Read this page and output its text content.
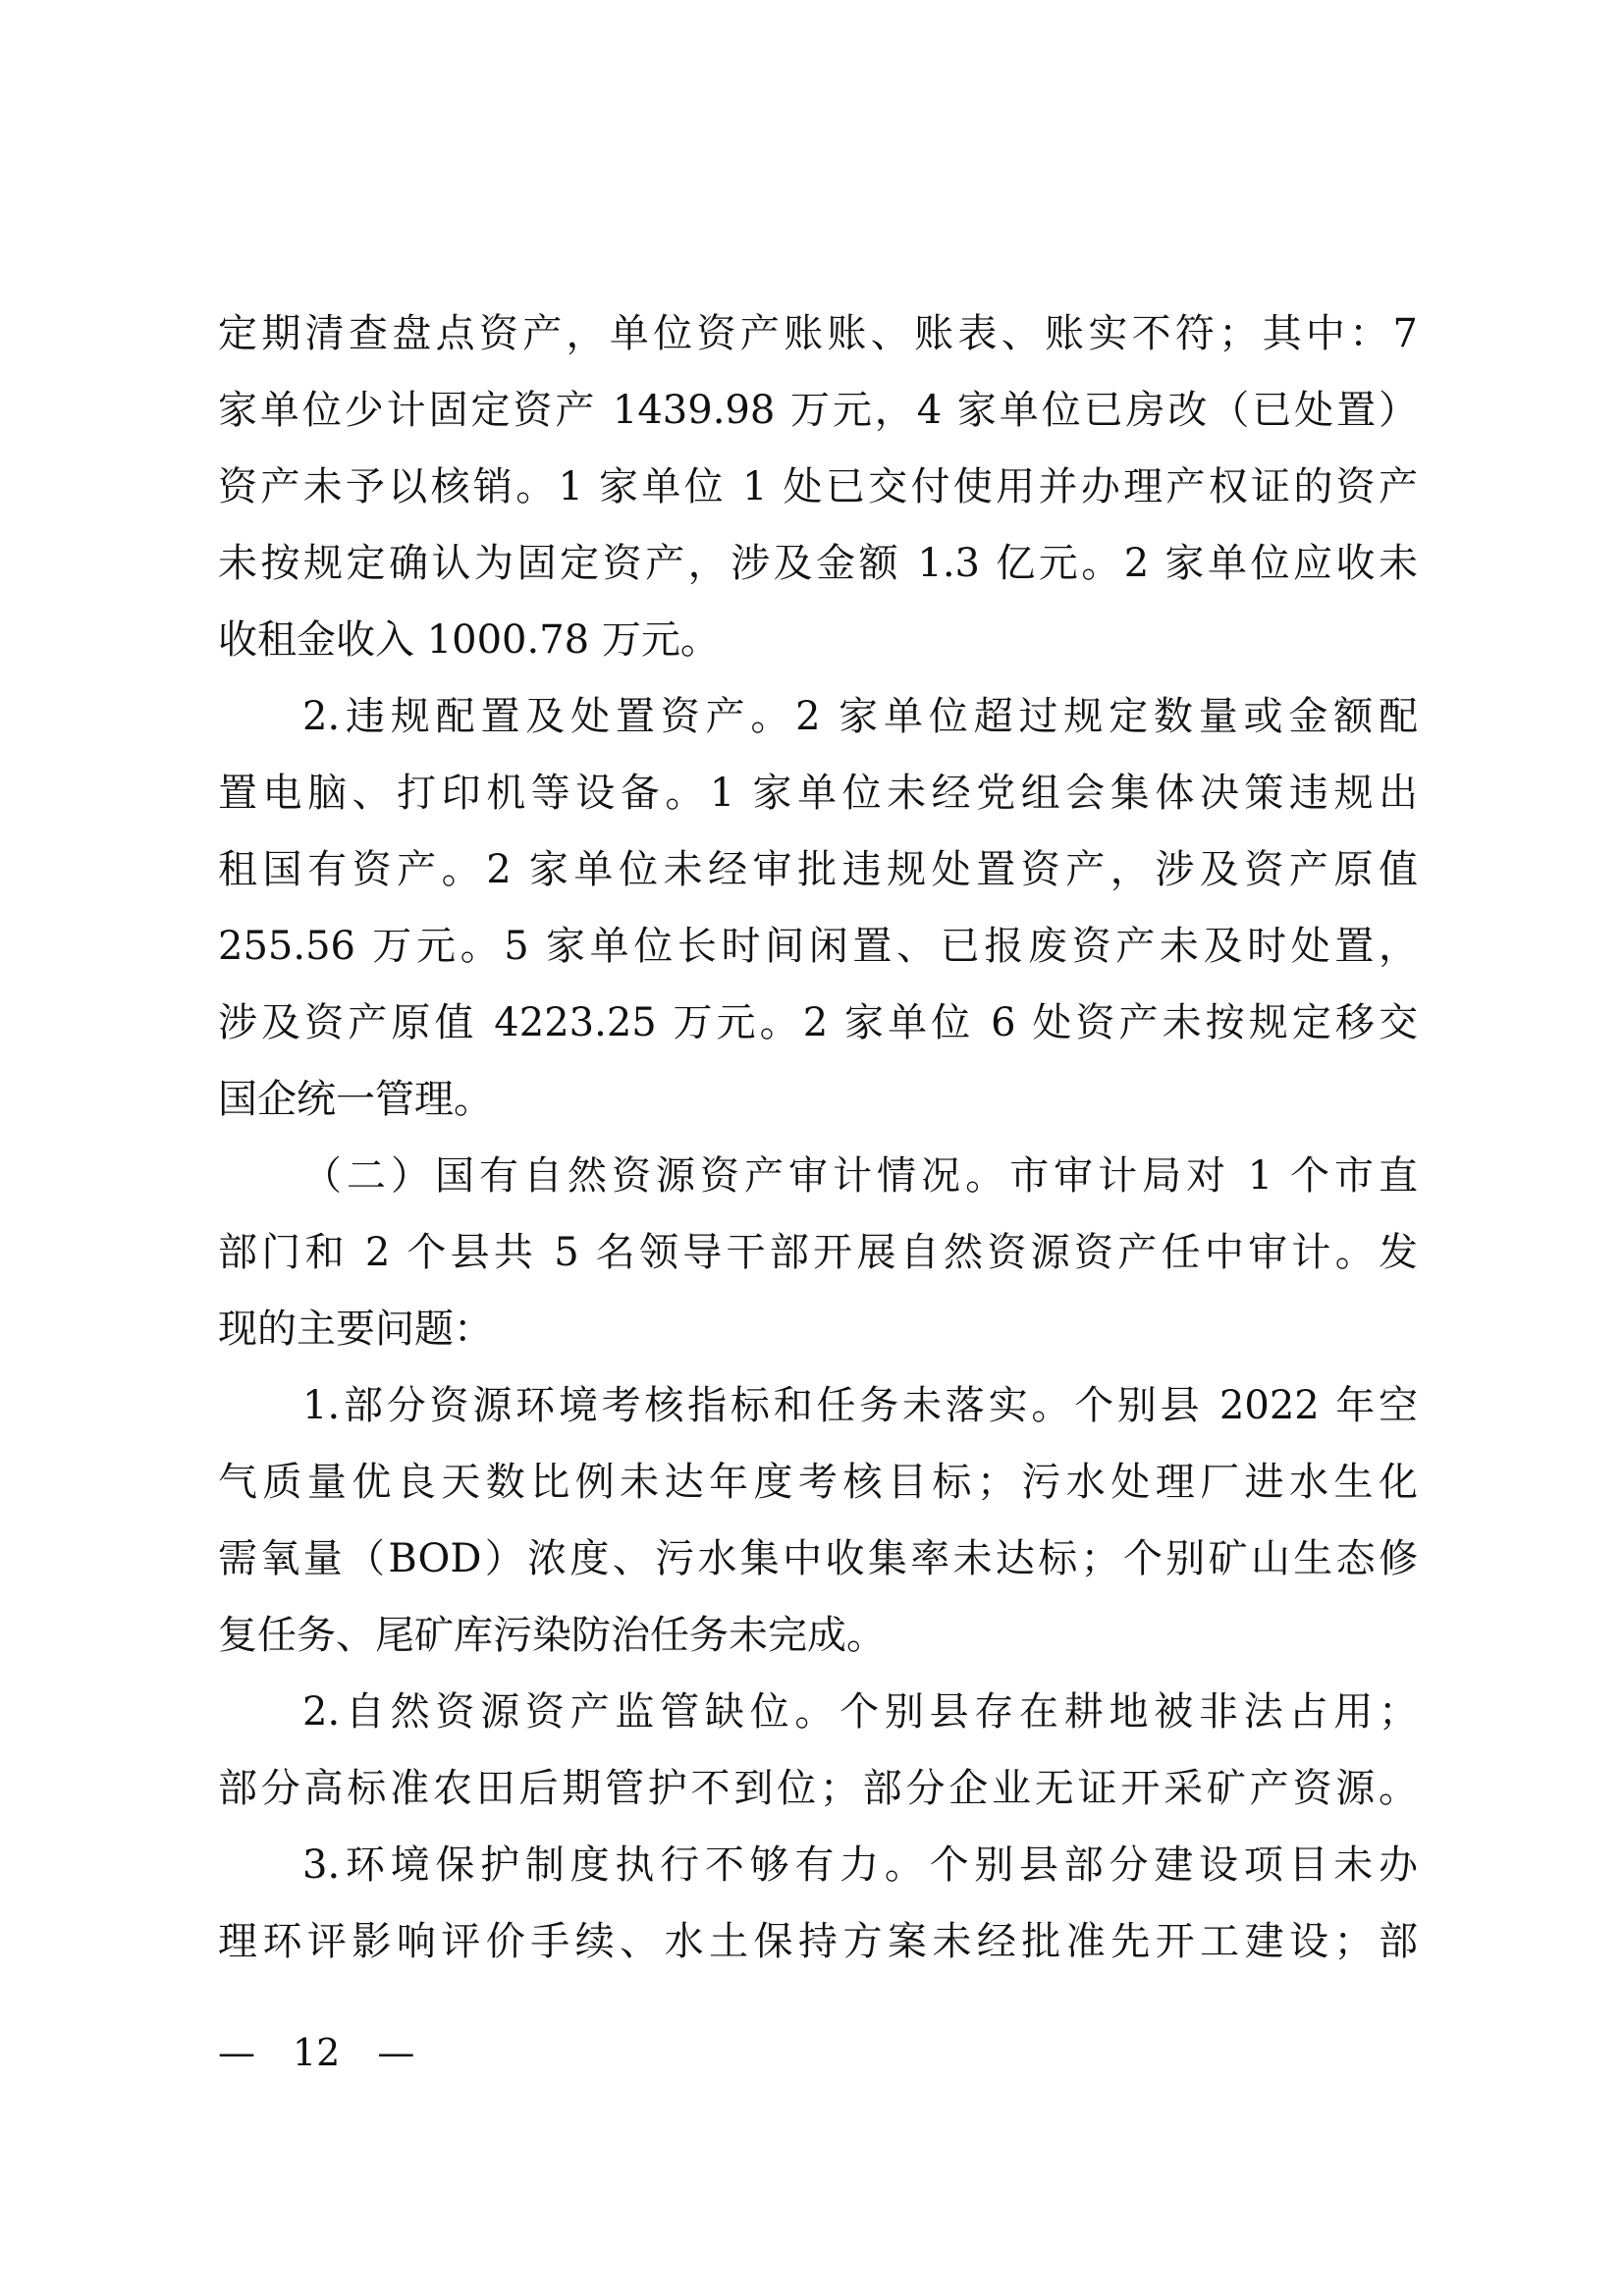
定期清查盘点资产，单位资产账账、账表、账实不符；其中：7
家单位少计固定资产 1439.98 万元，4 家单位已房改（已处置）
资产未予以核销。1 家单位 1 处已交付使用并办理产权证的资产
未按规定确认为固定资产，涉及金额 1.3 亿元。2 家单位应收未
收租金收入 1000.78 万元。
2.违规配置及处置资产。2 家单位超过规定数量或金额配
置电脑、打印机等设备。1 家单位未经党组会集体决策违规出
租国有资产。2 家单位未经审批违规处置资产，涉及资产原值
255.56 万元。5 家单位长时间闲置、已报废资产未及时处置，
涉及资产原值 4223.25 万元。2 家单位 6 处资产未按规定移交
国企统一管理。
（二）国有自然资源资产审计情况。市审计局对 1 个市直
部门和 2 个县共 5 名领导干部开展自然资源资产任中审计。发
现的主要问题：
1.部分资源环境考核指标和任务未落实。个别县 2022 年空
气质量优良天数比例未达年度考核目标；污水处理厂进水生化
需氧量（BOD）浓度、污水集中收集率未达标；个别矿山生态修
复任务、尾矿库污染防治任务未完成。
2.自然资源资产监管缺位。个别县存在耕地被非法占用；
部分高标准农田后期管护不到位；部分企业无证开采矿产资源。
3.环境保护制度执行不够有力。个别县部分建设项目未办
理环评影响评价手续、水土保持方案未经批准先开工建设；部
—　12　—
